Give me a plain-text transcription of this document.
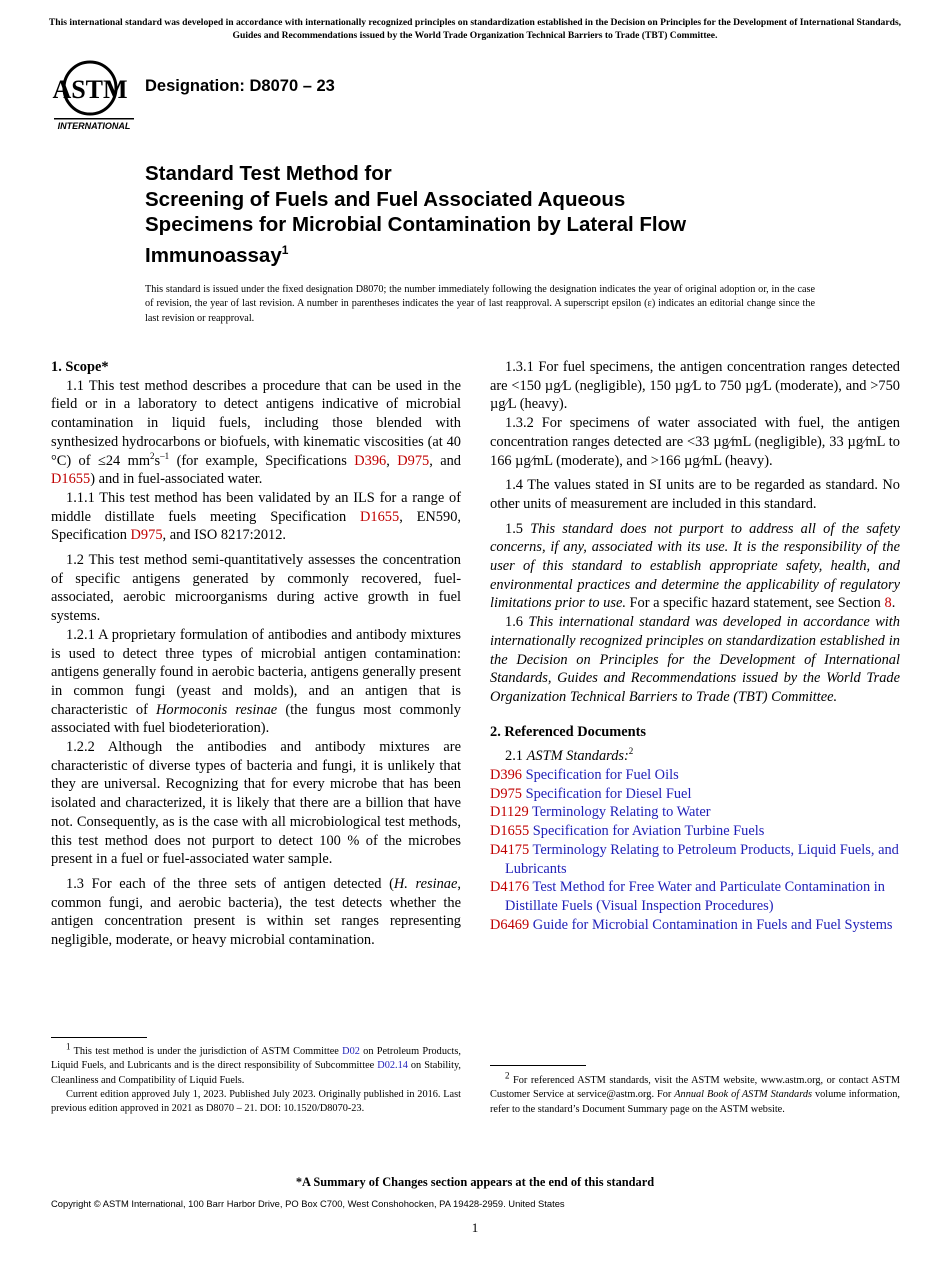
This international standard was developed in accordance with internationally recognized principles on standardization established in the Decision on Principles for the Development of International Standards, Guides and Recommendations issued by the World Trade Organization Technical Barriers to Trade (TBT) Committee.
ASTM
INTERNATIONAL
Designation: D8070 – 23
Standard Test Method for
Screening of Fuels and Fuel Associated Aqueous
Specimens for Microbial Contamination by Lateral Flow
Immunoassay$^1$
This standard is issued under the fixed designation D8070; the number immediately following the designation indicates the year of original adoption or, in the case of revision, the year of last revision. A number in parentheses indicates the year of last reapproval. A superscript epsilon (ε) indicates an editorial change since the last revision or reapproval.

1. Scope*

1.1 This test method describes a procedure that can be used in the field or in a laboratory to detect antigens indicative of microbial contamination in liquid fuels, including those blended with synthesized hydrocarbons or biofuels, with kinematic viscosities (at 40 °C) of ≤24 $mm^2s^{-1}$ (for example, Specifications D396, D975, and D1655) and in fuel-associated water.

1.1.1 This test method has been validated by an ILS for a range of middle distillate fuels meeting Specification D1655, EN590, Specification D975, and ISO 8217:2012.

1.2 This test method semi-quantitatively assesses the concentration of specific antigens generated by commonly recovered, fuel-associated, aerobic microorganisms during active growth in fuel systems.

1.2.1 A proprietary formulation of antibodies and antibody mixtures is used to detect three types of microbial antigen contamination: antigens generally found in aerobic bacteria, antigens generally present in common fungi (yeast and molds), and an antigen that is characteristic of Hormoconis resinae (the fungus most commonly associated with fuel biodeterioration).

1.2.2 Although the antibodies and antibody mixtures are characteristic of diverse types of bacteria and fungi, it is unlikely that they are universal. Recognizing that for every microbe that has been isolated and characterized, it is likely that there are a billion that have not. Consequently, as is the case with all microbiological test methods, this test method does not purport to detect 100 % of the microbes present in a fuel or fuel-associated water sample.

1.3 For each of the three sets of antigen detected (H. resinae, common fungi, and aerobic bacteria), the test detects whether the antigen concentration present is within set ranges representing negligible, moderate, or heavy microbial contamination.

1.3.1 For fuel specimens, the antigen concentration ranges detected are <150 µg⁄L (negligible), 150 µg⁄L to 750 µg⁄L (moderate), and >750 µg⁄L (heavy).

1.3.2 For specimens of water associated with fuel, the antigen concentration ranges detected are <33 µg⁄mL (negligible), 33 µg⁄mL to 166 µg⁄mL (moderate), and >166 µg⁄mL (heavy).

1.4 The values stated in SI units are to be regarded as standard. No other units of measurement are included in this standard.

1.5 This standard does not purport to address all of the safety concerns, if any, associated with its use. It is the responsibility of the user of this standard to establish appropriate safety, health, and environmental practices and determine the applicability of regulatory limitations prior to use. For a specific hazard statement, see Section 8.

1.6 This international standard was developed in accordance with internationally recognized principles on standardization established in the Decision on Principles for the Development of International Standards, Guides and Recommendations issued by the World Trade Organization Technical Barriers to Trade (TBT) Committee.

2. Referenced Documents

2.1 ASTM Standards:$^2$

D396 Specification for Fuel Oils

D975 Specification for Diesel Fuel

D1129 Terminology Relating to Water

D1655 Specification for Aviation Turbine Fuels

D4175 Terminology Relating to Petroleum Products, Liquid Fuels, and Lubricants

D4176 Test Method for Free Water and Particulate Contamination in Distillate Fuels (Visual Inspection Procedures)

D6469 Guide for Microbial Contamination in Fuels and Fuel Systems

$^1$ This test method is under the jurisdiction of ASTM Committee D02 on Petroleum Products, Liquid Fuels, and Lubricants and is the direct responsibility of Subcommittee D02.14 on Stability, Cleanliness and Compatibility of Liquid Fuels.

Current edition approved July 1, 2023. Published July 2023. Originally published in 2016. Last previous edition approved in 2021 as D8070 – 21. DOI: 10.1520/D8070-23.

$^2$ For referenced ASTM standards, visit the ASTM website, www.astm.org, or contact ASTM Customer Service at service@astm.org. For Annual Book of ASTM Standards volume information, refer to the standard’s Document Summary page on the ASTM website.

*A Summary of Changes section appears at the end of this standard
Copyright © ASTM International, 100 Barr Harbor Drive, PO Box C700, West Conshohocken, PA 19428-2959. United States
1
